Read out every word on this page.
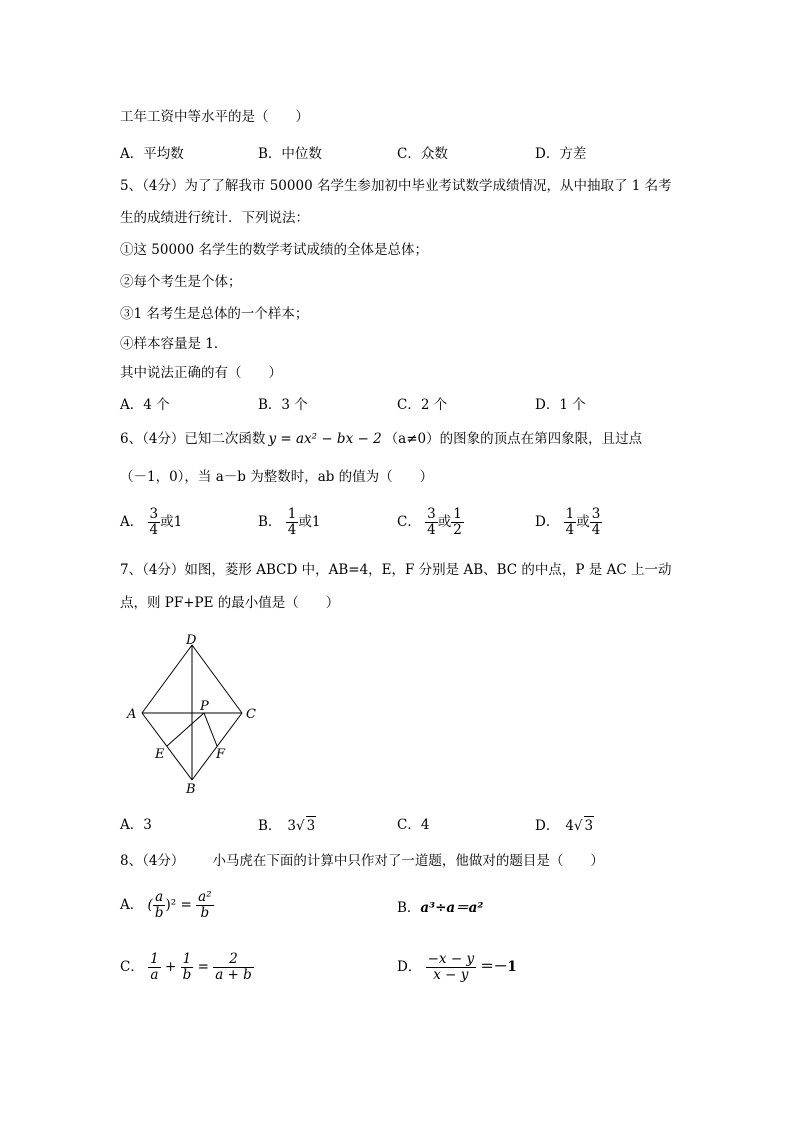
工年工资中等水平的是（　　）
A．平均数	B．中位数	C．众数	D．方差
5、（4分）为了了解我市 50000 名学生参加初中毕业考试数学成绩情况，从中抽取了 1 名考
生的成绩进行统计．下列说法：
①这 50000 名学生的数学考试成绩的全体是总体；
②每个考生是个体；
③1 名考生是总体的一个样本；
④样本容量是 1．
其中说法正确的有（　　）
A．4 个	B．3 个	C．2 个	D．1 个
6、（4分）已知二次函数 y = ax² − bx − 2 （a≠0）的图象的顶点在第四象限，且过点
（－1，0），当 a－b 为整数时，ab 的值为（　　）
A． $\frac{3}{4}$ 或1	B． $\frac{1}{4}$ 或1	C． $\frac{3}{4}$ 或 $\frac{1}{2}$	D． $\frac{1}{4}$ 或 $\frac{3}{4}$
7、（4分）如图，菱形 ABCD 中，AB=4，E，F 分别是 AB、BC 的中点，P 是 AC 上一动
点，则 PF+PE 的最小值是（　　）
D
A	C
P
E	F
B
A．3	B． 3√ 3	C．4	D． 4√ 3
8、（4分） 小马虎在下面的计算中只作对了一道题，他做对的题目是（　　）
A． ( $\frac{a}{b} )^2 = \frac{\text{a²}}{b}$	B．a³÷a＝a²
C． $\frac{1}{a} + \frac{1}{b} = \frac{2}{a + b}$	D． $\frac{-x - y}{x - y} =-1$
